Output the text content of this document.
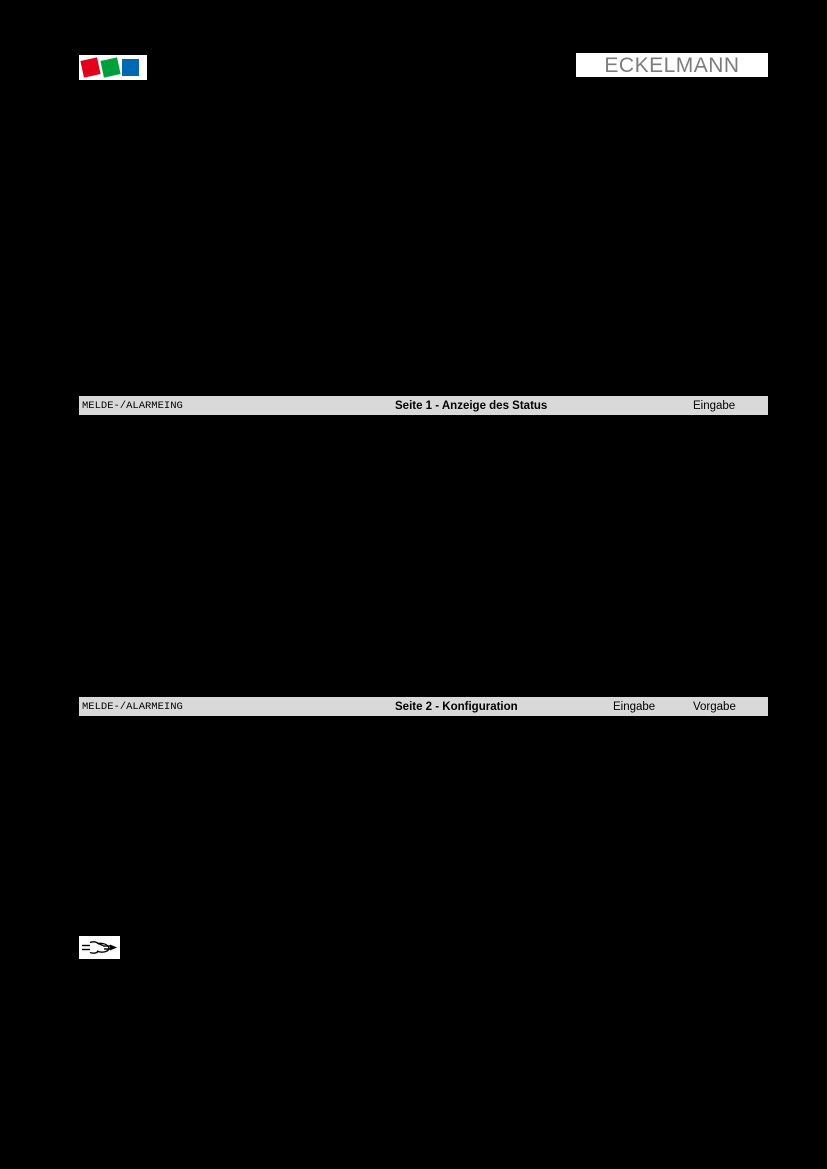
ECKELMANN
MELDE-/ALARMEING	Seite 1 - Anzeige des Status	Eingabe
MELDE-/ALARMEING	Seite 2 - Konfiguration	Eingabe	Vorgabe
